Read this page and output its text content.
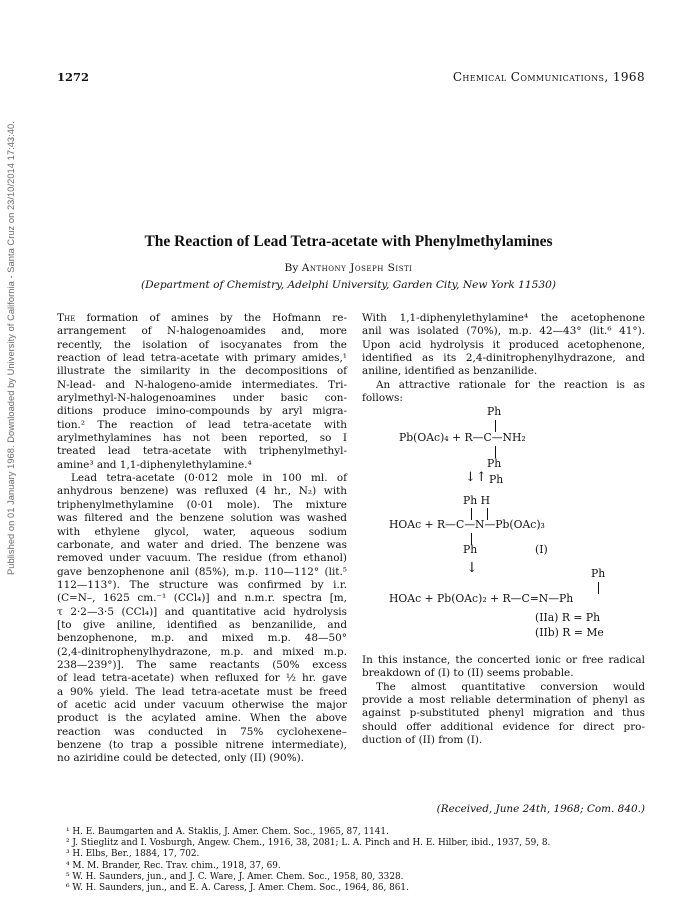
Published on 01 January 1968. Downloaded by University of California - Santa Cruz on 23/10/2014 17:43:40.
1272	Chemical Communications, 1968
The Reaction of Lead Tetra-acetate with Phenylmethylamines
By Anthony Joseph Sisti
(Department of Chemistry, Adelphi University, Garden City, New York 11530)
The formation of amines by the Hofmann re-
arrangement of N-halogenoamides and, more
recently, the isolation of isocyanates from the
reaction of lead tetra-acetate with primary amides,¹
illustrate the similarity in the decompositions of
N-lead- and N-halogeno-amide intermediates. Tri-
arylmethyl-N-halogenoamines under basic con-
ditions produce imino-compounds by aryl migra-
tion.² The reaction of lead tetra-acetate with
arylmethylamines has not been reported, so I
treated lead tetra-acetate with triphenylmethyl-
amine³ and 1,1-diphenylethylamine.⁴
Lead tetra-acetate (0·012 mole in 100 ml. of
anhydrous benzene) was refluxed (4 hr., N₂) with
triphenylmethylamine (0·01 mole). The mixture
was filtered and the benzene solution was washed
with ethylene glycol, water, aqueous sodium
carbonate, and water and dried. The benzene was
removed under vacuum. The residue (from ethanol)
gave benzophenone anil (85%), m.p. 110—112° (lit.⁵
112—113°). The structure was confirmed by i.r.
(C=N–, 1625 cm.⁻¹ (CCl₄)] and n.m.r. spectra [m,
τ 2·2—3·5 (CCl₄)] and quantitative acid hydrolysis
[to give aniline, identified as benzanilide, and
benzophenone, m.p. and mixed m.p. 48—50°
(2,4-dinitrophenylhydrazone, m.p. and mixed m.p.
238—239°)]. The same reactants (50% excess
of lead tetra-acetate) when refluxed for ½ hr. gave
a 90% yield. The lead tetra-acetate must be freed
of acetic acid under vacuum otherwise the major
product is the acylated amine. When the above
reaction was conducted in 75% cyclohexene–
benzene (to trap a possible nitrene intermediate),
no aziridine could be detected, only (II) (90%).
With 1,1-diphenylethylamine⁴ the acetophenone
anil was isolated (70%), m.p. 42—43° (lit.⁶ 41°).
Upon acid hydrolysis it produced acetophenone,
identified as its 2,4-dinitrophenylhydrazone, and
aniline, identified as benzanilide.
An attractive rationale for the reaction is as
follows:
Ph
Pb(OAc)₄ + R—C—NH₂
Ph
↓↑ Ph
Ph H
HOAc + R—C—N—Pb(OAc)₃
Ph	(I)
↓	Ph
HOAc + Pb(OAc)₂ + R—C=N—Ph
(IIa) R = Ph
(IIb) R = Me
In this instance, the concerted ionic or free radical
breakdown of (I) to (II) seems probable.
The almost quantitative conversion would
provide a most reliable determination of phenyl as
against p-substituted phenyl migration and thus
should offer additional evidence for direct pro-
duction of (II) from (I).
(Received, June 24th, 1968; Com. 840.)
¹ H. E. Baumgarten and A. Staklis, J. Amer. Chem. Soc., 1965, 87, 1141.
² J. Stieglitz and I. Vosburgh, Angew. Chem., 1916, 38, 2081; L. A. Pinch and H. E. Hilber, ibid., 1937, 59, 8.
³ H. Elbs, Ber., 1884, 17, 702.
⁴ M. M. Brander, Rec. Trav. chim., 1918, 37, 69.
⁵ W. H. Saunders, jun., and J. C. Ware, J. Amer. Chem. Soc., 1958, 80, 3328.
⁶ W. H. Saunders, jun., and E. A. Caress, J. Amer. Chem. Soc., 1964, 86, 861.
